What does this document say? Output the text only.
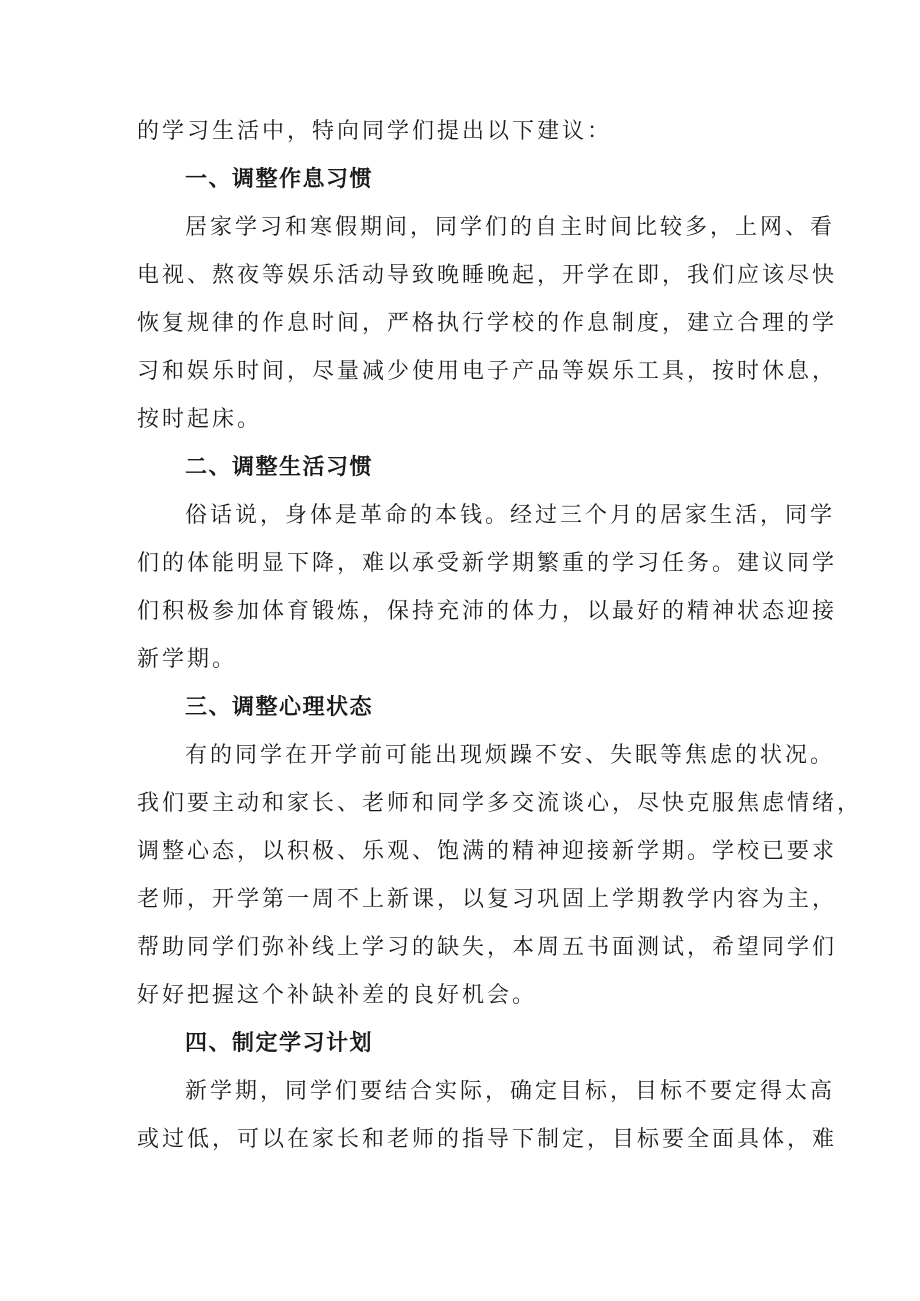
的学习生活中，特向同学们提出以下建议：
一、调整作息习惯
居家学习和寒假期间，同学们的自主时间比较多，上网、看
电视、熬夜等娱乐活动导致晚睡晚起，开学在即，我们应该尽快
恢复规律的作息时间，严格执行学校的作息制度，建立合理的学
习和娱乐时间，尽量减少使用电子产品等娱乐工具，按时休息，
按时起床。
二、调整生活习惯
俗话说，身体是革命的本钱。经过三个月的居家生活，同学
们的体能明显下降，难以承受新学期繁重的学习任务。建议同学
们积极参加体育锻炼，保持充沛的体力，以最好的精神状态迎接
新学期。
三、调整心理状态
有的同学在开学前可能出现烦躁不安、失眠等焦虑的状况。
我们要主动和家长、老师和同学多交流谈心，尽快克服焦虑情绪，
调整心态，以积极、乐观、饱满的精神迎接新学期。学校已要求
老师，开学第一周不上新课，以复习巩固上学期教学内容为主，
帮助同学们弥补线上学习的缺失，本周五书面测试，希望同学们
好好把握这个补缺补差的良好机会。
四、制定学习计划
新学期，同学们要结合实际，确定目标，目标不要定得太高
或过低，可以在家长和老师的指导下制定，目标要全面具体，难
